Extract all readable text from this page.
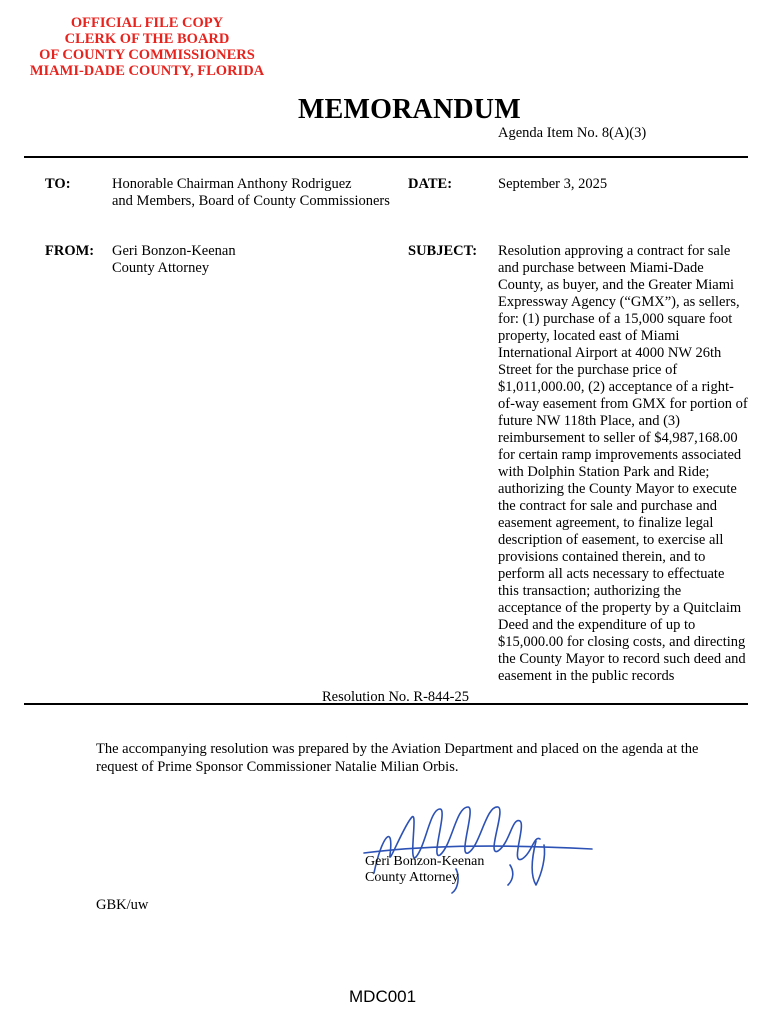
OFFICIAL FILE COPY
CLERK OF THE BOARD
OF COUNTY COMMISSIONERS
MIAMI-DADE COUNTY, FLORIDA
MEMORANDUM
Agenda Item No. 8(A)(3)
TO:	Honorable Chairman Anthony Rodriguez
and Members, Board of County Commissioners
DATE:	September 3, 2025
FROM: Geri Bonzon-Keenan
County Attorney
SUBJECT: Resolution approving a contract for sale
and purchase between Miami-Dade
County, as buyer, and the Greater Miami
Expressway Agency (“GMX”), as sellers,
for: (1) purchase of a 15,000 square foot
property, located east of Miami
International Airport at 4000 NW 26th
Street for the purchase price of
$1,011,000.00, (2) acceptance of a right-
of-way easement from GMX for portion of
future NW 118th Place, and (3)
reimbursement to seller of $4,987,168.00
for certain ramp improvements associated
with Dolphin Station Park and Ride;
authorizing the County Mayor to execute
the contract for sale and purchase and
easement agreement, to finalize legal
description of easement, to exercise all
provisions contained therein, and to
perform all acts necessary to effectuate
this transaction; authorizing the
acceptance of the property by a Quitclaim
Deed and the expenditure of up to
$15,000.00 for closing costs, and directing
the County Mayor to record such deed and
easement in the public records
Resolution No. R-844-25
The accompanying resolution was prepared by the Aviation Department and placed on the agenda at the request of Prime Sponsor Commissioner Natalie Milian Orbis.
Geri Bonzon-Keenan
County Attorney
GBK/uw
MDC001
